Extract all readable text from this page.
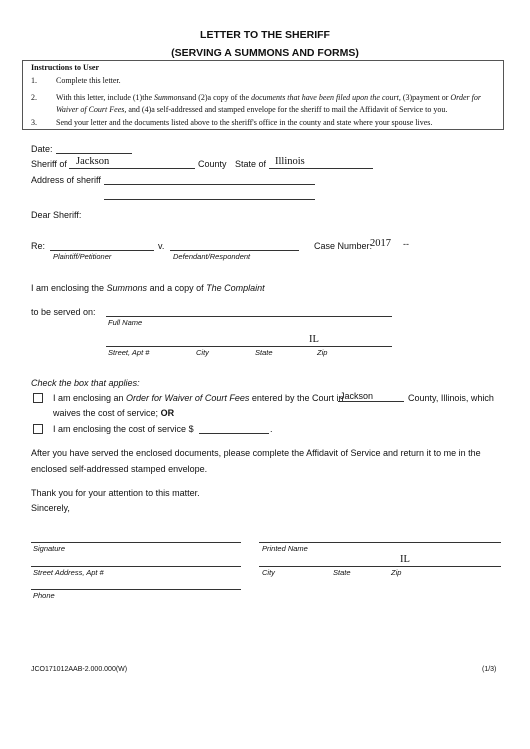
LETTER TO THE SHERIFF
(SERVING A SUMMONS AND FORMS)
Instructions to User
1. Complete this letter.
2. With this letter, include (1)the Summonsand (2)a copy of the documents that have been filed upon the court, (3)payment or Order for
Waiver of Court Fees, and (4)a self-addressed and stamped envelope for the sheriff to mail the Affidavit of Service to you.
3. Send your letter and the documents listed above to the sheriff's office in the county and state where your spouse lives.
Date:
Sheriff of Jackson	County State of Illinois
Address of sheriff
Dear Sheriff:
Re:
Plaintiff/Petitioner
v.
Defendant/Respondent
Case Number:
2017 --
I am enclosing the Summons and a copy of The Complaint
to be served on:
Full Name
IL
Street, Apt #	City	State	Zip
Check the box that applies:
I am enclosing an Order for Waiver of Court Fees entered by the Court in
Jackson	County, Illinois, which
waives the cost of service; OR
I am enclosing the cost of service $	.
After you have served the enclosed documents, please complete the Affidavit of Service and return it to me in the
enclosed self-addressed stamped envelope.
Thank you for your attention to this matter.
Sincerely,
Signature	Printed Name
Street Address, Apt #
IL
City	State	Zip
Phone
JCO171012AAB-2.000.000(W)	(1/3)
